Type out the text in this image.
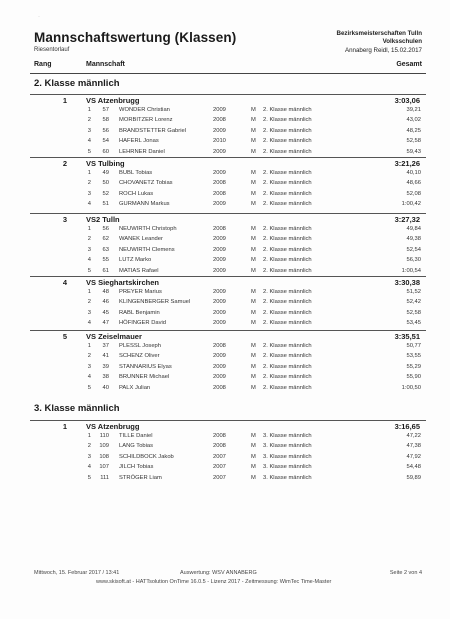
·
Mannschaftswertung (Klassen)
Riesentorlauf
Bezirksmeisterschaften Tulln
Volksschulen
Annaberg Reidl, 15.02.2017
Rang	Mannschaft	Gesamt
2. Klasse männlich
1	VS Atzenbrugg	3:03,06
1	57 WONDER Christian	2009	M 2. Klasse männlich	39,21
2	58 MORBITZER Lorenz	2008	M 2. Klasse männlich	43,02
3	56 BRANDSTETTER Gabriel	2009	M 2. Klasse männlich	48,25
4	54 HAFERL Jonas	2010	M 2. Klasse männlich	52,58
5	60 LEHRNER Daniel	2009	M 2. Klasse männlich	59,43
2	VS Tulbing	3:21,26
1	49 BUBL Tobias	2009	M 2. Klasse männlich	40,10
2	50 CHOVANETZ Tobias	2008	M 2. Klasse männlich	48,66
3	52 ROCH Lukas	2008	M 2. Klasse männlich	52,08
4	51 GURMANN Markus	2009	M 2. Klasse männlich	1:00,42
3	VS2 Tulln	3:27,32
1	56 NEUWIRTH Christoph	2008	M 2. Klasse männlich	49,84
2	62 WANEK Leander	2009	M 2. Klasse männlich	49,38
3	63 NEUWIRTH Clemens	2009	M 2. Klasse männlich	52,54
4	55 LUTZ Marko	2009	M 2. Klasse männlich	56,30
5	61 MATIAS Rafael	2009	M 2. Klasse männlich	1:00,54
4	VS Sieghartskirchen	3:30,38
1	48 PREYER Marius	2009	M 2. Klasse männlich	51,52
2	46 KLINGENBERGER Samuel	2009	M 2. Klasse männlich	52,42
3	45 RABL Benjamin	2009	M 2. Klasse männlich	52,58
4	47 HÖFINGER David	2009	M 2. Klasse männlich	53,45
5	VS Zeiselmauer	3:35,51
1	37 PLESSL Joseph	2008	M 2. Klasse männlich	50,77
2	41 SCHENZ Oliver	2009	M 2. Klasse männlich	53,55
3	39 STANNARIUS Elyas	2009	M 2. Klasse männlich	55,29
4	38 BRUNNER Michael	2009	M 2. Klasse männlich	55,90
5	40 PALX Julian	2008	M 2. Klasse männlich	1:00,50
3. Klasse männlich
1	VS Atzenbrugg	3:16,65
1	110 TILLE Daniel	2008	M 3. Klasse männlich	47,22
2	109 LANG Tobias	2008	M 3. Klasse männlich	47,38
3	108 SCHILDBOCK Jakob	2007	M 3. Klasse männlich	47,92
4	107 JILCH Tobias	2007	M 3. Klasse männlich	54,48
5	111 STRÖGER Liam	2007	M 3. Klasse männlich	59,89
Mittwoch, 15. Februar 2017 / 13:41	Auswertung: WSV ANNABERG	Seite 2 von 4
www.skisoft.at - HATTsolution OnTime 16.0.5 - Lizenz 2017 - Zeitmessung: WimTec Time-Master
